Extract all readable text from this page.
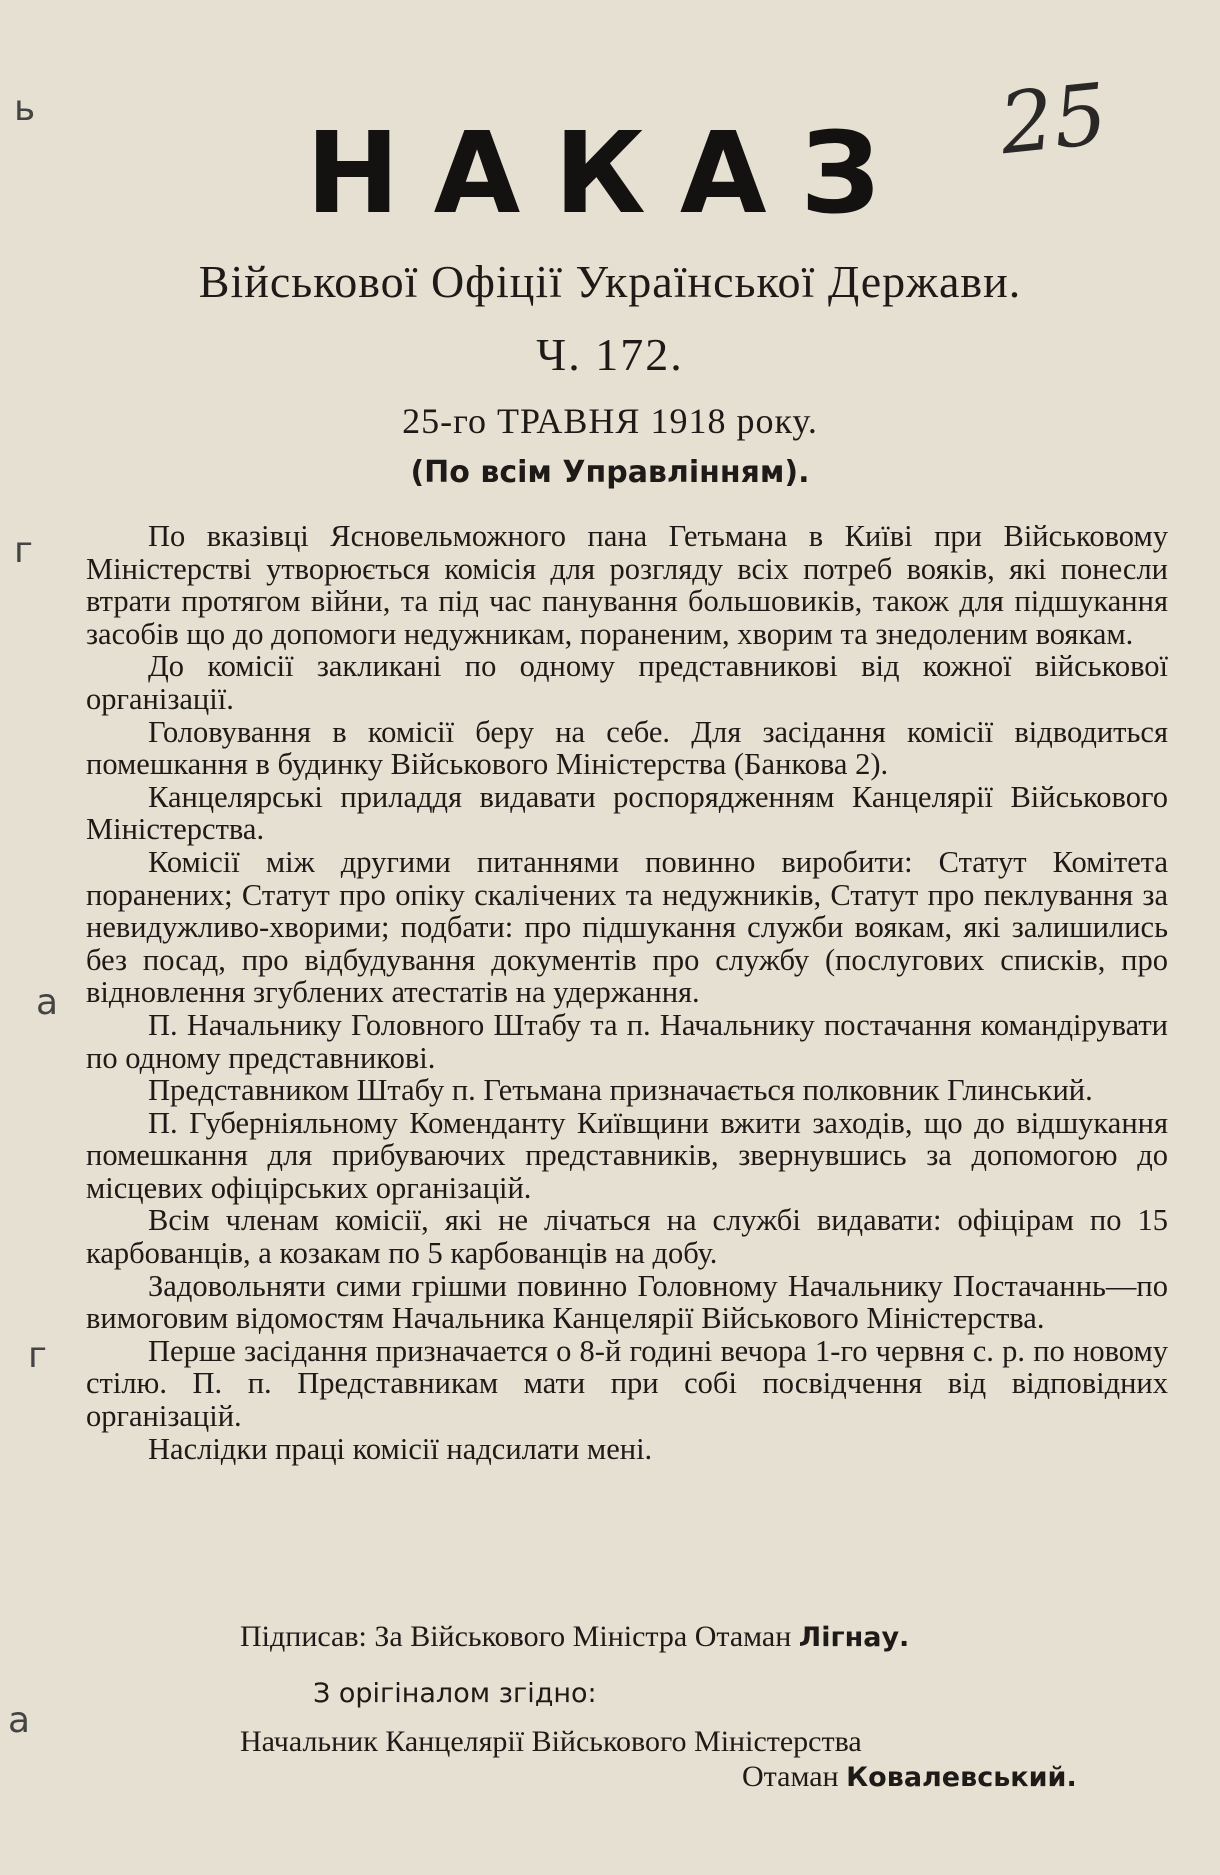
25
ь
г
а
г
а
НАКАЗ
Військової Офіції Української Держави.
Ч. 172.
25-го ТРАВНЯ 1918 року.
(По всім Управлінням).

По вказівці Ясновельможного пана Гетьмана в Київі при Військовому Міністерстві утворюється комісія для розгляду всіх потреб вояків, які понесли втрати протягом війни, та під час панування большовиків, також для підшукання засобів що до допомоги недужникам, пораненим, хворим та знедоленим воякам.

До комісії закликані по одному представникові від кожної військової організації.

Головування в комісії беру на себе. Для засідання комісії відводиться помешкання в будинку Військового Міністерства (Банкова 2).

Канцелярські приладдя видавати роспорядженням Канцелярії Військового Міністерства.

Комісії між другими питаннями повинно виробити: Статут Комітета поранених; Статут про опіку скалічених та недужників, Статут про пеклування за невидужливо-хворими; подбати: про підшукання служби воякам, які залишились без посад, про відбудування документів про службу (послугових списків, про відновлення згублених атестатів на удержання.

П. Начальнику Головного Штабу та п. Начальнику постачання командірувати по одному представникові.

Представником Штабу п. Гетьмана призначається полковник Глинський.

П. Губерніяльному Коменданту Київщини вжити заходів, що до відшукання помешкання для прибуваючих представників, звернувшись за допомогою до місцевих офіцірських організацій.

Всім членам комісії, які не лічаться на службі видавати: офіцірам по 15 карбованців, а козакам по 5 карбованців на добу.

Задовольняти сими грішми повинно Головному Начальнику Постачаннь—по вимоговим відомостям Начальника Канцелярії Військового Міністерства.

Перше засідання призначается о 8-й годині вечора 1-го червня с. р. по новому стілю. П. п. Представникам мати при собі посвідчення від відповідних організацій.

Наслідки праці комісії надсилати мені.

Підписав: За Військового Міністра Отаман Лігнау.
З орігіналом згідно:
Начальник Канцелярії Військового Міністерства
Отаман Ковалевський.
